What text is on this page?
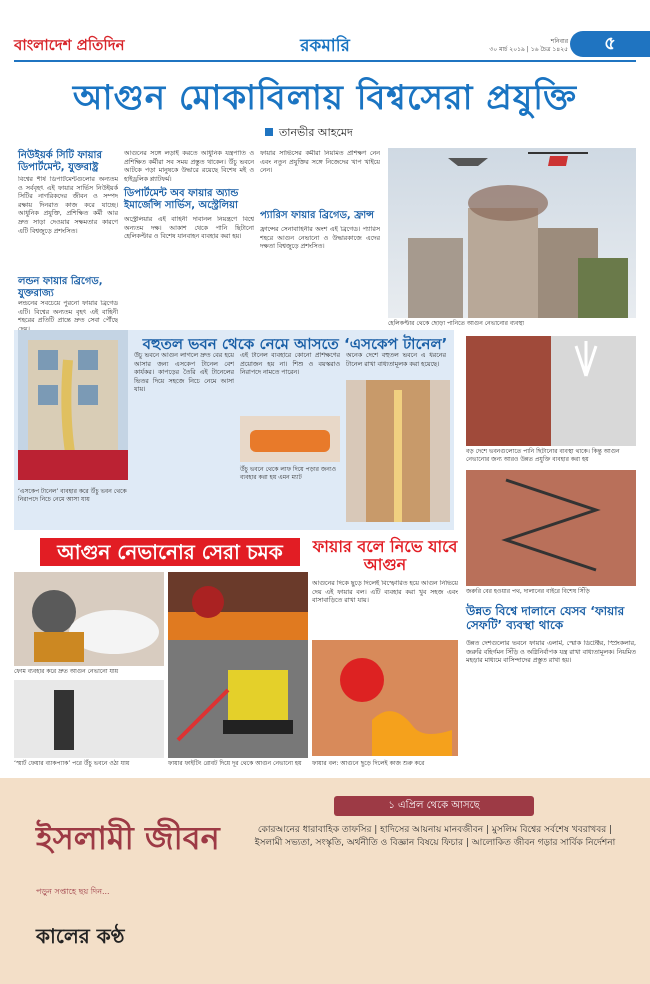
বাংলাদেশ প্রতিদিন	রকমারি	শনিবার
৩০ মার্চ ২০১৯ | ১৬ চৈত্র ১৪২৫	৫
আগুন মোকাবিলায় বিশ্বসেরা প্রযুক্তি
তানভীর আহমেদ
নিউইয়র্ক সিটি ফায়ার ডিপার্টমেন্ট, যুক্তরাষ্ট্র
বিশ্বের শীর্ষ ডিপার্টমেন্টগুলোর অন্যতম ও সর্ববৃহৎ এই ফায়ার সার্ভিস নিউইয়র্ক সিটির নাগরিকদের জীবন ও সম্পদ রক্ষায় দিনরাত কাজ করে যাচ্ছে। আধুনিক প্রযুক্তি, প্রশিক্ষিত কর্মী আর দ্রুত সাড়া দেওয়ার সক্ষমতার কারণে এটি বিশ্বজুড়ে প্রশংসিত।
লন্ডন ফায়ার ব্রিগেড, যুক্তরাজ্য
লন্ডনের সবচেয়ে পুরনো ফায়ার ব্রিগেড এটি। বিশ্বের অন্যতম বৃহৎ এই বাহিনী শহরের প্রতিটি প্রান্তে দ্রুত সেবা পৌঁছে
আগুনের সঙ্গে লড়াই করতে আধুনিক যন্ত্রপাতি ও প্রশিক্ষিত কর্মীরা সব সময় প্রস্তুত থাকেন। উঁচু ভবনে আটকে পড়া মানুষকে উদ্ধারে রয়েছে বিশেষ মই ও হাইড্রলিক প্ল্যাটফর্ম।
ডিপার্টমেন্ট অব ফায়ার অ্যান্ড ইমার্জেন্সি সার্ভিস, অস্ট্রেলিয়া
অস্ট্রেলিয়ার এই বাহিনী দাবানল নিয়ন্ত্রণে বিশ্বে অন্যতম দক্ষ। আকাশ থেকে পানি ছিটানো হেলিকপ্টার ও বিশেষ যানবাহন ব্যবহার করা হয়।
ফায়ার সার্ভিসের কর্মীরা নিয়মিত প্রশিক্ষণ নেন এবং নতুন প্রযুক্তির সঙ্গে নিজেদের খাপ খাইয়ে নেন।
প্যারিস ফায়ার ব্রিগেড, ফ্রান্স
ফ্রান্সের সেনাবাহিনীর অংশ এই ব্রিগেড। প্যারিস শহরে আগুন নেভানো ও উদ্ধারকাজে এদের দক্ষতা বিশ্বজুড়ে প্রশংসিত।
হেলিকপ্টার থেকে ছোড়া পানিতে আগুন নেভানোর ব্যবস্থা
বহুতল ভবন থেকে নেমে আসতে ‘এসকেপ টানেল’
‘এসকেপ টানেল’ ব্যবহার করে উঁচু ভবন থেকে নিরাপদে নিচে নেমে আসা যায়
উঁচু ভবনে আগুন লাগলে দ্রুত বের হয়ে আসার জন্য এসকেপ টানেল বেশ কার্যকর। কাপড়ের তৈরি এই টানেলের ভিতর দিয়ে সহজে নিচে নেমে আসা যায়।
এই টানেল ব্যবহারে কোনো প্রশিক্ষণের প্রয়োজন হয় না। শিশু ও বয়স্করাও নিরাপদে নামতে পারেন।
উঁচু ভবনে থেকে লাফ দিয়ে পড়ার জন্যও ব্যবহার করা হয় এমন ম্যাট
অনেক দেশে বহুতল ভবনে এ ধরনের টানেল রাখা বাধ্যতামূলক করা হয়েছে।
বড় দেশে ভবনগুলোতে পানি ছিটানোর ব্যবস্থা থাকে। কিন্তু আগুন নেভানোর জন্য আরও উন্নত প্রযুক্তি ব্যবহার করা হয়
জরুরি বের হওয়ার পথ, দালানের বাইরে বিশেষ সিঁড়ি
আগুন নেভানোর সেরা চমক
ফোম ব্যবহার করে দ্রুত আগুন নেভানো যায়
‘স্মার্ট ফেয়ার ব্যাকপ্যাক’ পরে উঁচু ভবনে ওঠা যায়	ফায়ার ফাইটিং রোবট দিয়ে দূর থেকে আগুন নেভানো হয়
ফায়ার বলে নিভে যাবে আগুন
আগুনের দিকে ছুড়ে দিলেই বিস্ফোরিত হয়ে আগুন নিভিয়ে দেয় এই ফায়ার বল। এটি ব্যবহার করা খুব সহজ এবং বাসাবাড়িতে রাখা যায়।
ফায়ার বল: আগুনে ছুড়ে দিলেই কাজ শুরু করে
উন্নত বিশ্বে দালানে যেসব ‘ফায়ার সেফটি’ ব্যবস্থা থাকে
উন্নত দেশগুলোর ভবনে ফায়ার এলার্ম, স্মোক ডিটেক্টর, স্প্রিংকলার, জরুরি বহির্গমন সিঁড়ি ও অগ্নিনির্বাপক যন্ত্র রাখা বাধ্যতামূলক। নিয়মিত মহড়ার মাধ্যমে বাসিন্দাদের প্রস্তুত রাখা হয়।
১ এপ্রিল থেকে আসছে
ইসলামী জীবন	কোরআনের ধারাবাহিক তাফসির | হাদিসের আয়নায় মানবজীবন | মুসলিম বিশ্বের সর্বশেষ খবরাখবর | ইসলামী সভ্যতা, সংস্কৃতি, অর্থনীতি ও বিজ্ঞান বিষয়ে ফিচার | আলোকিত জীবন গড়ার সার্বিক নির্দেশনা
পড়ুন সপ্তাহে ছয় দিন...
কালের কণ্ঠ
